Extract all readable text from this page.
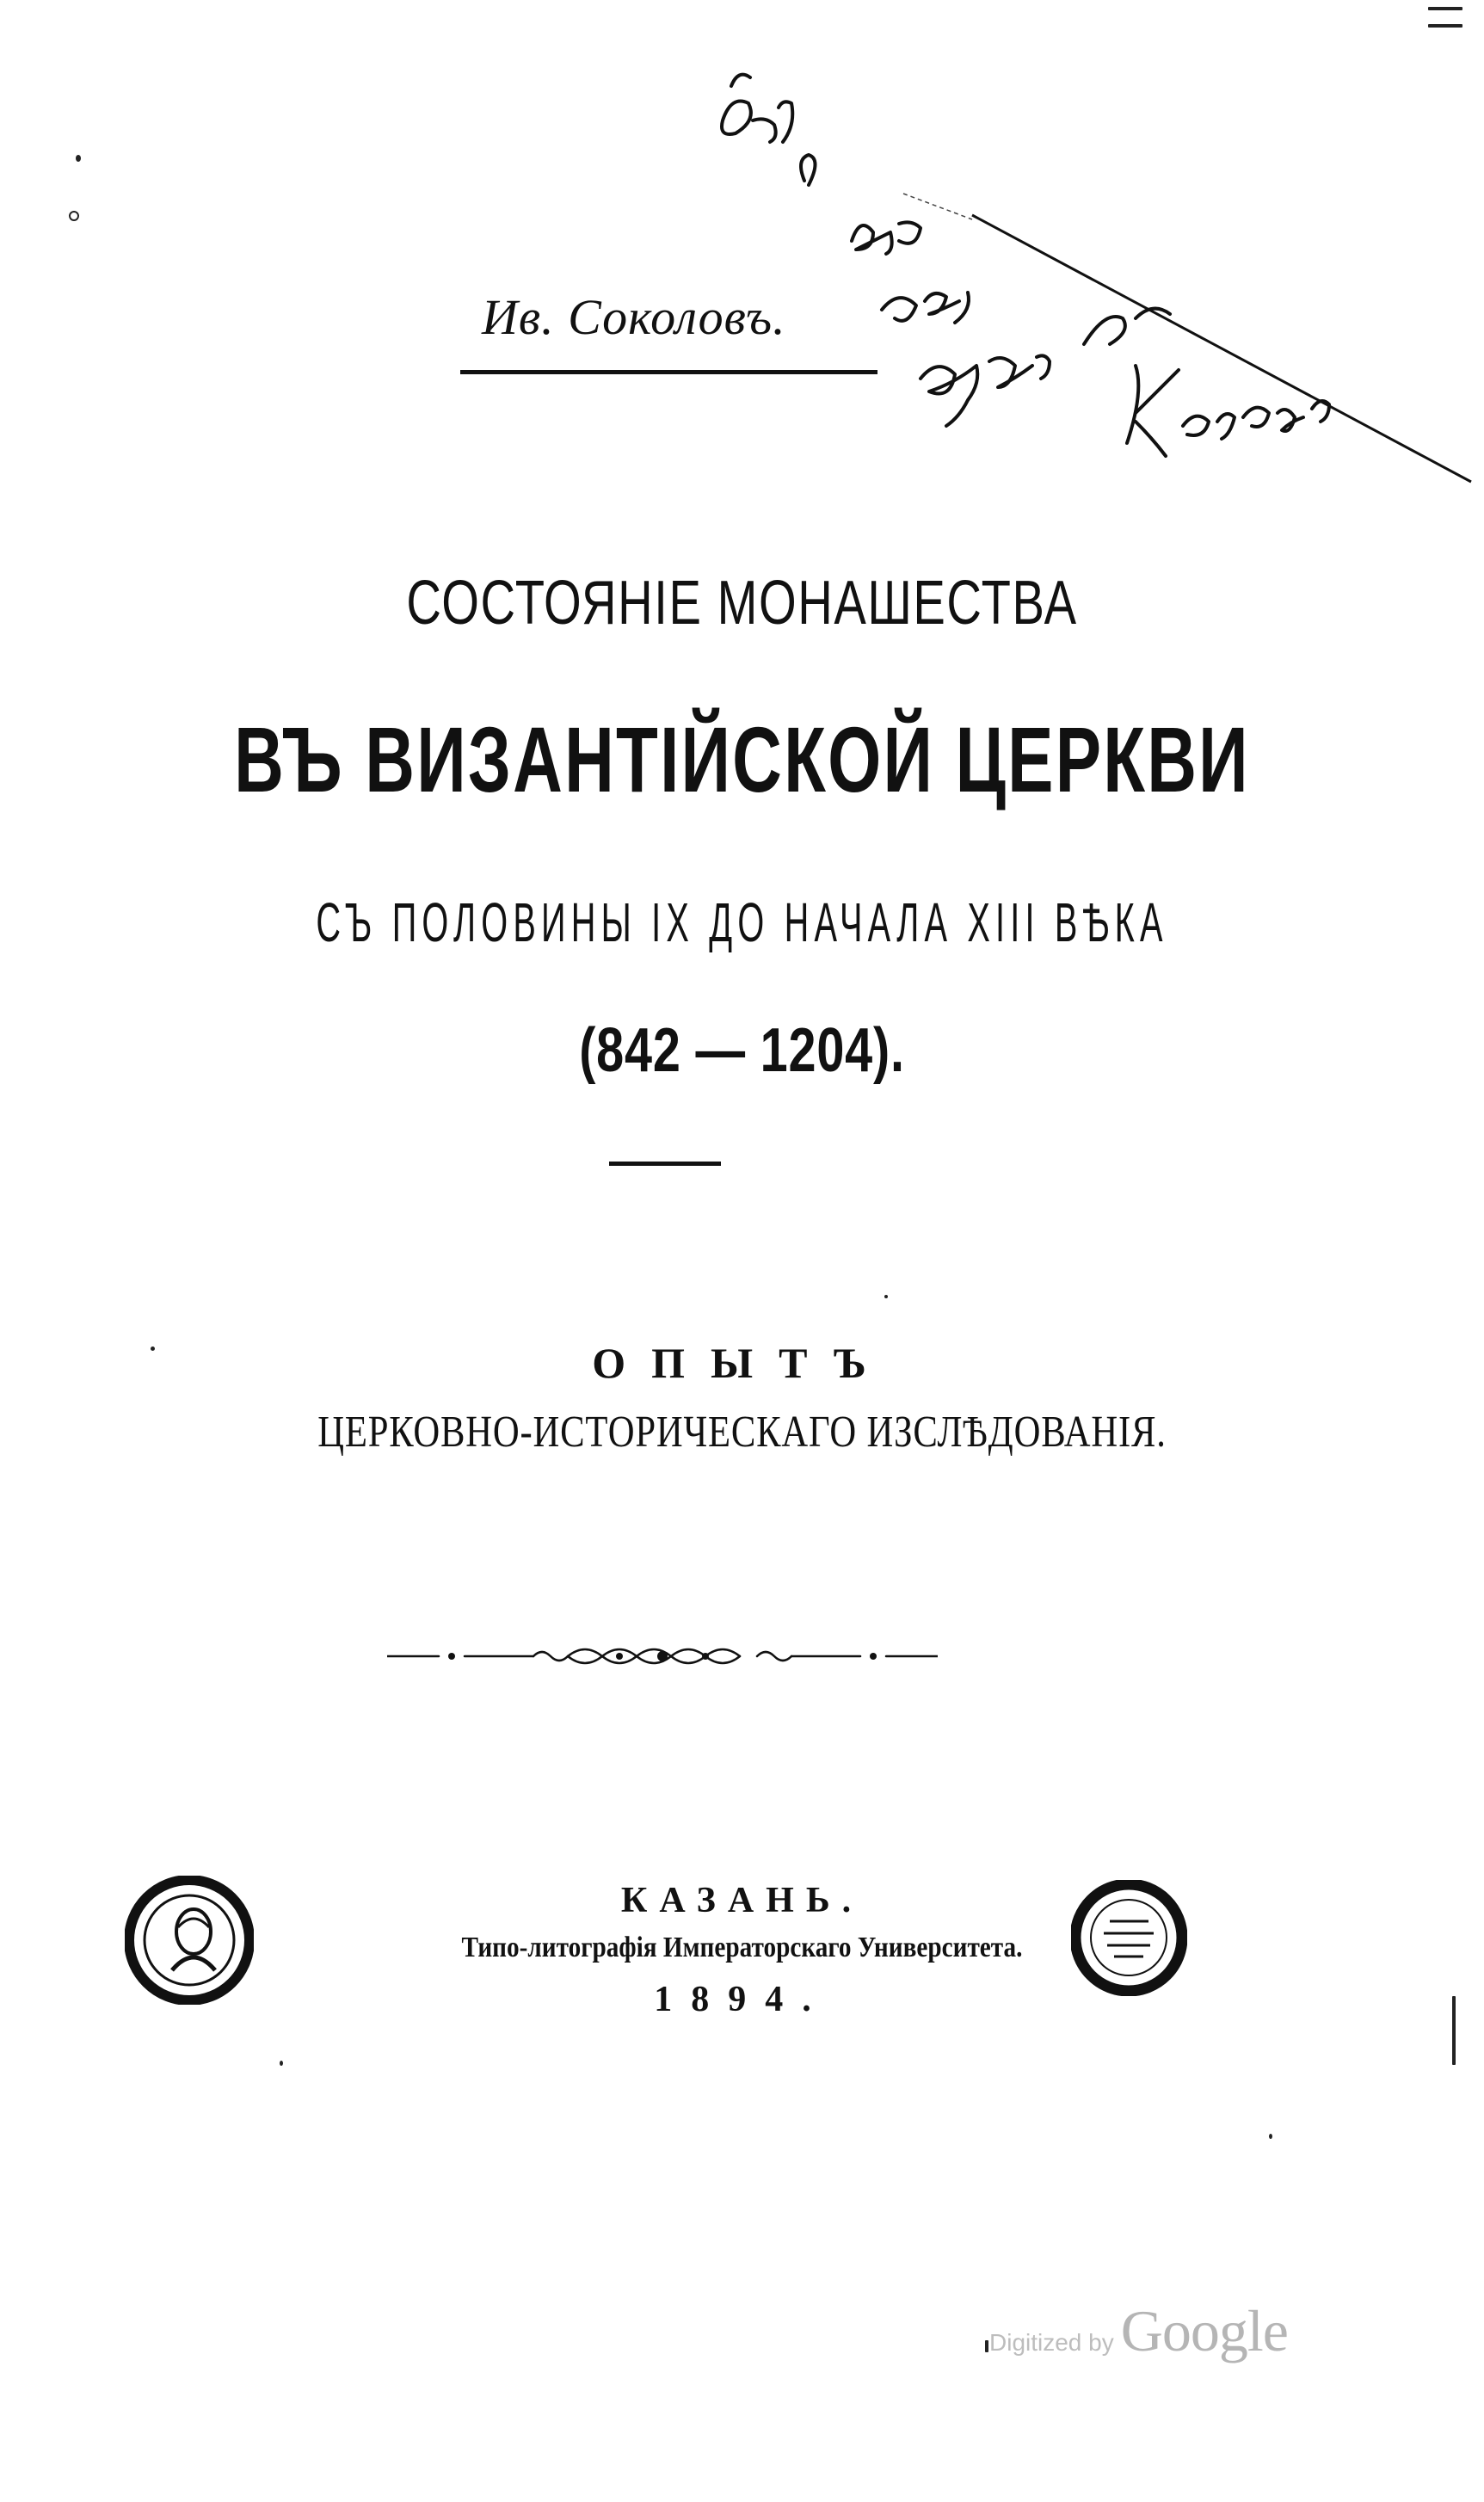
Ив. Соколовъ.
СОСТОЯНІЕ МОНАШЕСТВА
ВЪ ВИЗАНТІЙСКОЙ ЦЕРКВИ
СЪ ПОЛОВИНЫ IX ДО НАЧАЛА XIII ВѢКА
(842 — 1204).
ОПЫТЪ
ЦЕРКОВНО-ИСТОРИЧЕСКАГО ИЗСЛѢДОВАНІЯ.
КАЗАНЬ.
Типо-литографія Императорскаго Университета.
1894.
Digitized by Google
